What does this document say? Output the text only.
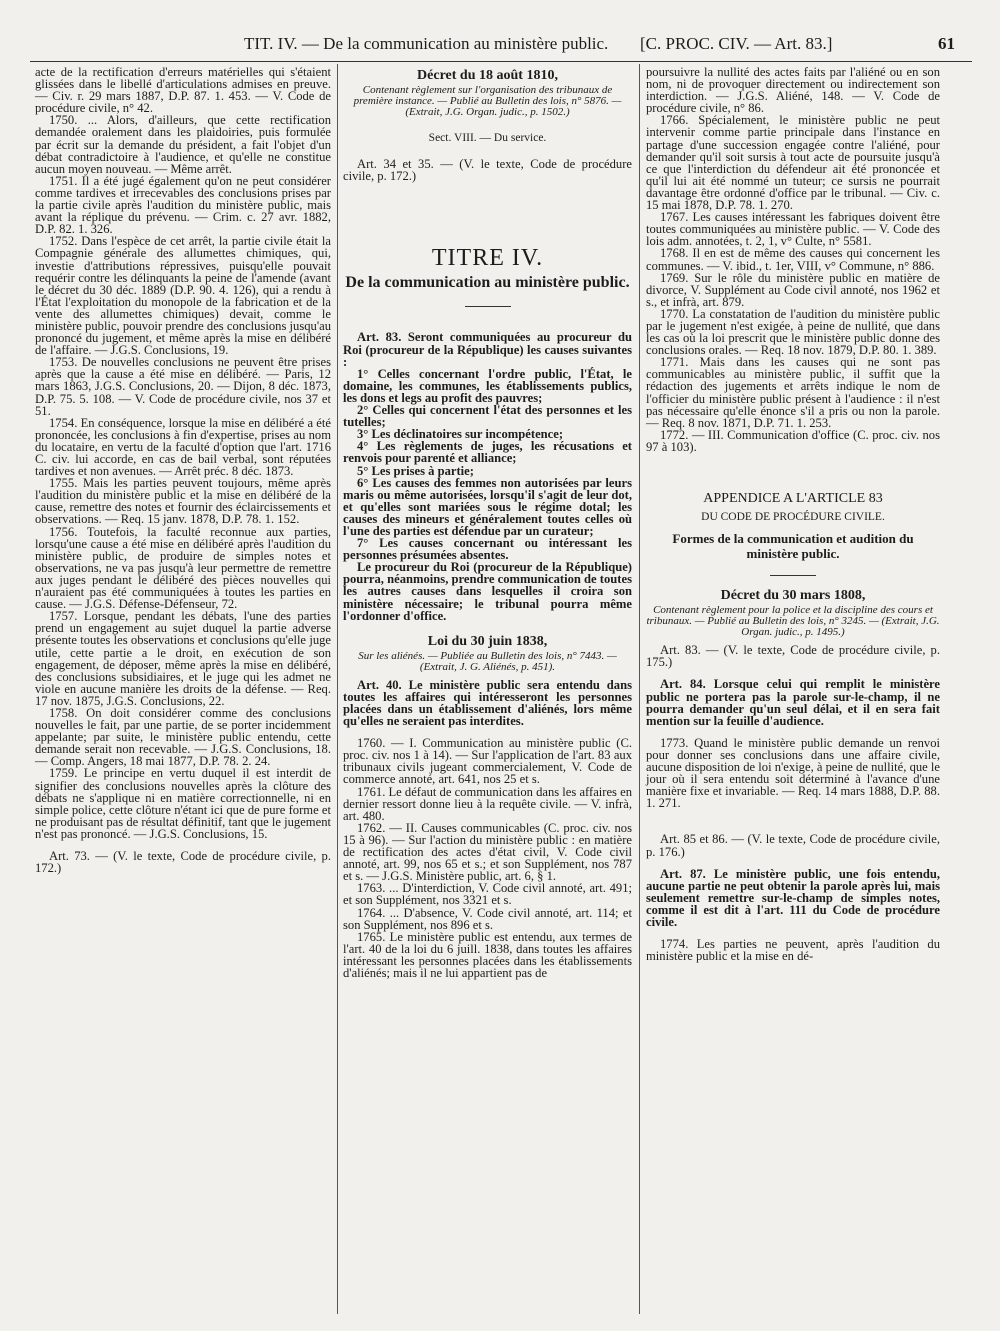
TIT. IV. — De la communication au ministère public. [C. PROC. CIV. — Art. 83.]	61

acte de la rectification d'erreurs matérielles qui s'étaient glissées dans le libellé d'articulations admises en preuve. — Civ. r. 29 mars 1887, D.P. 87. 1. 453. — V. Code de procédure civile, n° 42.

1750. ... Alors, d'ailleurs, que cette rectification demandée oralement dans les plaidoiries, puis formulée par écrit sur la demande du président, a fait l'objet d'un débat contradictoire à l'audience, et qu'elle ne constitue aucun moyen nouveau. — Même arrêt.

1751. Il a été jugé également qu'on ne peut considérer comme tardives et irrecevables des conclusions prises par la partie civile après l'audition du ministère public, mais avant la réplique du prévenu. — Crim. c. 27 avr. 1882, D.P. 82. 1. 326.

1752. Dans l'espèce de cet arrêt, la partie civile était la Compagnie générale des allumettes chimiques, qui, investie d'attributions répressives, puisqu'elle pouvait requérir contre les délinquants la peine de l'amende (avant le décret du 30 déc. 1889 (D.P. 90. 4. 126), qui a rendu à l'État l'exploitation du monopole de la fabrication et de la vente des allumettes chimiques) devait, comme le ministère public, pouvoir prendre des conclusions jusqu'au prononcé du jugement, et même après la mise en délibéré de l'affaire. — J.G.S. Conclusions, 19.

1753. De nouvelles conclusions ne peuvent être prises après que la cause a été mise en délibéré. — Paris, 12 mars 1863, J.G.S. Conclusions, 20. — Dijon, 8 déc. 1873, D.P. 75. 5. 108. — V. Code de procédure civile, nos 37 et 51.

1754. En conséquence, lorsque la mise en délibéré a été prononcée, les conclusions à fin d'expertise, prises au nom du locataire, en vertu de la faculté d'option que l'art. 1716 C. civ. lui accorde, en cas de bail verbal, sont réputées tardives et non avenues. — Arrêt préc. 8 déc. 1873.

1755. Mais les parties peuvent toujours, même après l'audition du ministère public et la mise en délibéré de la cause, remettre des notes et fournir des éclaircissements et observations. — Req. 15 janv. 1878, D.P. 78. 1. 152.

1756. Toutefois, la faculté reconnue aux parties, lorsqu'une cause a été mise en délibéré après l'audition du ministère public, de produire de simples notes et observations, ne va pas jusqu'à leur permettre de remettre aux juges pendant le délibéré des pièces nouvelles qui n'auraient pas été communiquées à toutes les parties en cause. — J.G.S. Défense-Défenseur, 72.

1757. Lorsque, pendant les débats, l'une des parties prend un engagement au sujet duquel la partie adverse présente toutes les observations et conclusions qu'elle juge utile, cette partie a le droit, en exécution de son engagement, de déposer, même après la mise en délibéré, des conclusions subsidiaires, et le juge qui les admet ne viole en aucune manière les droits de la défense. — Req. 17 nov. 1875, J.G.S. Conclusions, 22.

1758. On doit considérer comme des conclusions nouvelles le fait, par une partie, de se porter incidemment appelante; par suite, le ministère public entendu, cette demande serait non recevable. — J.G.S. Conclusions, 18. — Comp. Angers, 18 mai 1877, D.P. 78. 2. 24.

1759. Le principe en vertu duquel il est interdit de signifier des conclusions nouvelles après la clôture des débats ne s'applique ni en matière correctionnelle, ni en simple police, cette clôture n'étant ici que de pure forme et ne produisant pas de résultat définitif, tant que le jugement n'est pas prononcé. — J.G.S. Conclusions, 15.

Art. 73. — (V. le texte, Code de procédure civile, p. 172.)

Décret du 18 août 1810,

Contenant règlement sur l'organisation des tribunaux de première instance. — Publié au Bulletin des lois, n° 5876. — (Extrait, J.G. Organ. judic., p. 1502.)

Sect. VIII. — Du service.

Art. 34 et 35. — (V. le texte, Code de procédure civile, p. 172.)

TITRE IV.

De la communication au ministère public.

Art. 83. Seront communiquées au procureur du Roi (procureur de la République) les causes suivantes :

1° Celles concernant l'ordre public, l'État, le domaine, les communes, les établissements publics, les dons et legs au profit des pauvres;

2° Celles qui concernent l'état des personnes et les tutelles;

3° Les déclinatoires sur incompétence;

4° Les règlements de juges, les récusations et renvois pour parenté et alliance;

5° Les prises à partie;

6° Les causes des femmes non autorisées par leurs maris ou même autorisées, lorsqu'il s'agit de leur dot, et qu'elles sont mariées sous le régime dotal; les causes des mineurs et généralement toutes celles où l'une des parties est défendue par un curateur;

7° Les causes concernant ou intéressant les personnes présumées absentes.

Le procureur du Roi (procureur de la République) pourra, néanmoins, prendre communication de toutes les autres causes dans lesquelles il croira son ministère nécessaire; le tribunal pourra même l'ordonner d'office.

Loi du 30 juin 1838,

Sur les aliénés. — Publiée au Bulletin des lois, n° 7443. — (Extrait, J. G. Aliénés, p. 451).

Art. 40. Le ministère public sera entendu dans toutes les affaires qui intéresseront les personnes placées dans un établissement d'aliénés, lors même qu'elles ne seraient pas interdites.

1760. — I. Communication au ministère public (C. proc. civ. nos 1 à 14). — Sur l'application de l'art. 83 aux tribunaux civils jugeant commercialement, V. Code de commerce annoté, art. 641, nos 25 et s.

1761. Le défaut de communication dans les affaires en dernier ressort donne lieu à la requête civile. — V. infrà, art. 480.

1762. — II. Causes communicables (C. proc. civ. nos 15 à 96). — Sur l'action du ministère public : en matière de rectification des actes d'état civil, V. Code civil annoté, art. 99, nos 65 et s.; et son Supplément, nos 787 et s. — J.G.S. Ministère public, art. 6, § 1.

1763. ... D'interdiction, V. Code civil annoté, art. 491; et son Supplément, nos 3321 et s.

1764. ... D'absence, V. Code civil annoté, art. 114; et son Supplément, nos 896 et s.

1765. Le ministère public est entendu, aux termes de l'art. 40 de la loi du 6 juill. 1838, dans toutes les affaires intéressant les personnes placées dans les établissements d'aliénés; mais il ne lui appartient pas de

poursuivre la nullité des actes faits par l'aliéné ou en son nom, ni de provoquer directement ou indirectement son interdiction. — J.G.S. Aliéné, 148. — V. Code de procédure civile, n° 86.

1766. Spécialement, le ministère public ne peut intervenir comme partie principale dans l'instance en partage d'une succession engagée contre l'aliéné, pour demander qu'il soit sursis à tout acte de poursuite jusqu'à ce que l'interdiction du défendeur ait été prononcée et qu'il lui ait été nommé un tuteur; ce sursis ne pourrait davantage être ordonné d'office par le tribunal. — Civ. c. 15 mai 1878, D.P. 78. 1. 270.

1767. Les causes intéressant les fabriques doivent être toutes communiquées au ministère public. — V. Code des lois adm. annotées, t. 2, 1, v° Culte, n° 5581.

1768. Il en est de même des causes qui concernent les communes. — V. ibid., t. 1er, VIII, v° Commune, n° 886.

1769. Sur le rôle du ministère public en matière de divorce, V. Supplément au Code civil annoté, nos 1962 et s., et infrà, art. 879.

1770. La constatation de l'audition du ministère public par le jugement n'est exigée, à peine de nullité, que dans les cas où la loi prescrit que le ministère public donne des conclusions orales. — Req. 18 nov. 1879, D.P. 80. 1. 389.

1771. Mais dans les causes qui ne sont pas communicables au ministère public, il suffit que la rédaction des jugements et arrêts indique le nom de l'officier du ministère public présent à l'audience : il n'est pas nécessaire qu'elle énonce s'il a pris ou non la parole. — Req. 8 nov. 1871, D.P. 71. 1. 253.

1772. — III. Communication d'office (C. proc. civ. nos 97 à 103).

APPENDICE A L'ARTICLE 83

DU CODE DE PROCÉDURE CIVILE.

Formes de la communication et audition du ministère public.

Décret du 30 mars 1808,

Contenant règlement pour la police et la discipline des cours et tribunaux. — Publié au Bulletin des lois, n° 3245. — (Extrait, J.G. Organ. judic., p. 1495.)

Art. 83. — (V. le texte, Code de procédure civile, p. 175.)

Art. 84. Lorsque celui qui remplit le ministère public ne portera pas la parole sur-le-champ, il ne pourra demander qu'un seul délai, et il en sera fait mention sur la feuille d'audience.

1773. Quand le ministère public demande un renvoi pour donner ses conclusions dans une affaire civile, aucune disposition de loi n'exige, à peine de nullité, que le jour où il sera entendu soit déterminé à l'avance d'une manière fixe et invariable. — Req. 14 mars 1888, D.P. 88. 1. 271.

Art. 85 et 86. — (V. le texte, Code de procédure civile, p. 176.)

Art. 87. Le ministère public, une fois entendu, aucune partie ne peut obtenir la parole après lui, mais seulement remettre sur-le-champ de simples notes, comme il est dit à l'art. 111 du Code de procédure civile.

1774. Les parties ne peuvent, après l'audition du ministère public et la mise en dé-
